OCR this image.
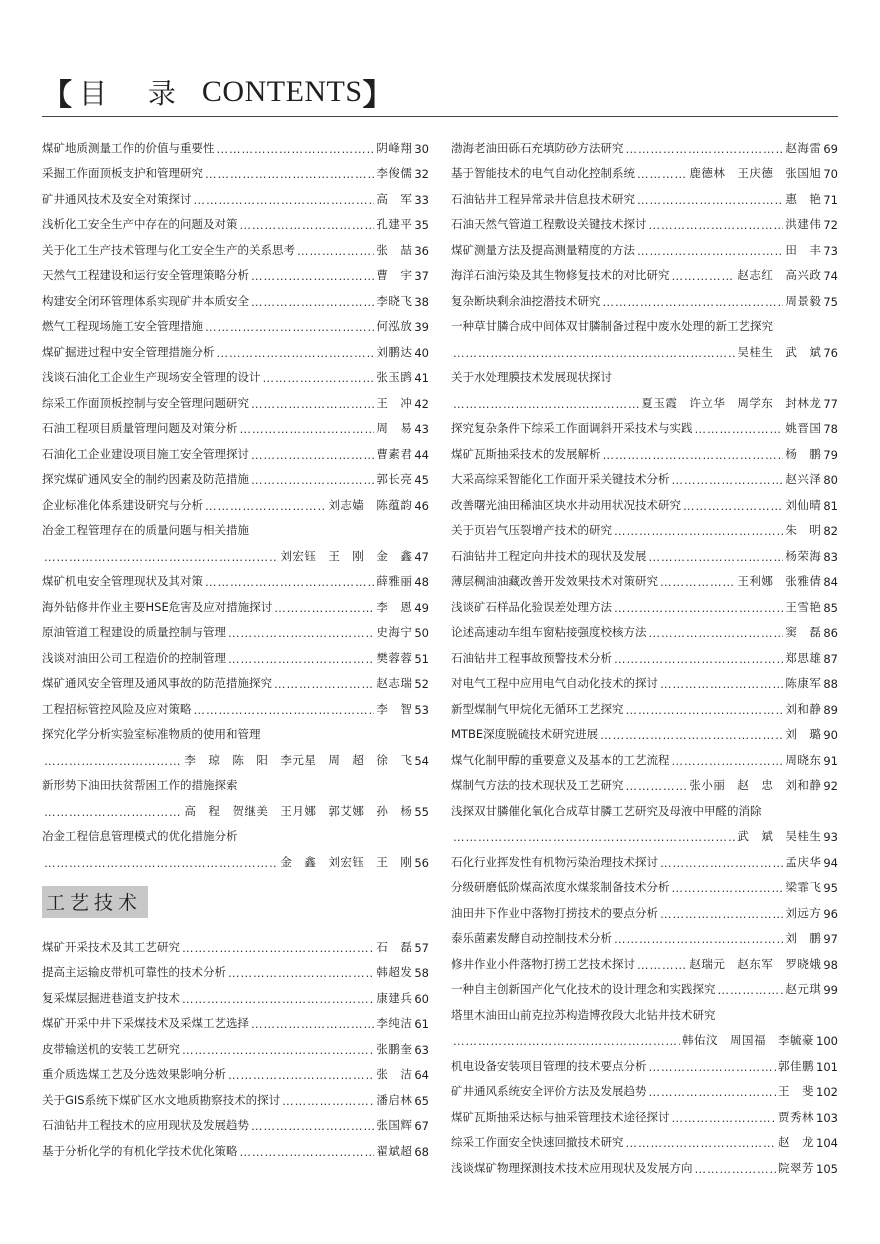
【 目 录 CONTENTS】
煤矿地质测量工作的价值与重要性 ………………………………………………………………………………………………………………………………………………………………………………………	阴峰翔 30
采掘工作面顶板支护和管理研究 ………………………………………………………………………………………………………………………………………………………………………………………	李俊儒 32
矿井通风技术及安全对策探讨 ………………………………………………………………………………………………………………………………………………………………………………………	高　军 33
浅析化工安全生产中存在的问题及对策 ………………………………………………………………………………………………………………………………………………………………………………………	孔建平 35
关于化工生产技术管理与化工安全生产的关系思考 ………………………………………………………………………………………………………………………………………………………………………………………	张　喆 36
天然气工程建设和运行安全管理策略分析 ………………………………………………………………………………………………………………………………………………………………………………………	曹　宇 37
构建安全闭环管理体系实现矿井本质安全 ………………………………………………………………………………………………………………………………………………………………………………………	李晓飞 38
燃气工程现场施工安全管理措施 ………………………………………………………………………………………………………………………………………………………………………………………	何泓放 39
煤矿掘进过程中安全管理措施分析 ………………………………………………………………………………………………………………………………………………………………………………………	刘鹏达 40
浅谈石油化工企业生产现场安全管理的设计 ………………………………………………………………………………………………………………………………………………………………………………………	张玉鹍 41
综采工作面顶板控制与安全管理问题研究 ………………………………………………………………………………………………………………………………………………………………………………………	王　冲 42
石油工程项目质量管理问题及对策分析 ………………………………………………………………………………………………………………………………………………………………………………………	周　易 43
石油化工企业建设项目施工安全管理探讨 ………………………………………………………………………………………………………………………………………………………………………………………	曹素君 44
探究煤矿通风安全的制约因素及防范措施 ………………………………………………………………………………………………………………………………………………………………………………………	郭长亮 45
企业标准化体系建设研究与分析 ………………………………………………………………………………………………………………………………………………………………………………………	刘志嫱　陈蕴韵 46
冶金工程管理存在的质量问题与相关措施
………………………………………………………………………………………………………………………………………………………………………………………
刘宏钰　王　刚　金　鑫 47
煤矿机电安全管理现状及其对策 ………………………………………………………………………………………………………………………………………………………………………………………	薛雅丽 48
海外钻修井作业主要HSE危害及应对措施探讨 ………………………………………………………………………………………………………………………………………………………………………………………	李　恩 49
原油管道工程建设的质量控制与管理 ………………………………………………………………………………………………………………………………………………………………………………………	史海宁 50
浅谈对油田公司工程造价的控制管理 ………………………………………………………………………………………………………………………………………………………………………………………	樊蓉蓉 51
煤矿通风安全管理及通风事故的防范措施探究 ………………………………………………………………………………………………………………………………………………………………………………………	赵志瑞 52
工程招标管控风险及应对策略 ………………………………………………………………………………………………………………………………………………………………………………………	李　智 53
探究化学分析实验室标准物质的使用和管理
………………………………………………………………………………………………………………………………………………………………………………………
李　琼　陈　阳　李元星　周　超　徐　飞 54
新形势下油田扶贫帮困工作的措施探索
………………………………………………………………………………………………………………………………………………………………………………………
高　程　贺继美　王月娜　郭艾娜　孙　杨 55
冶金工程信息管理模式的优化措施分析
………………………………………………………………………………………………………………………………………………………………………………………
金　鑫　刘宏钰　王　刚 56
工艺技术
煤矿开采技术及其工艺研究 ………………………………………………………………………………………………………………………………………………………………………………………	石　磊 57
提高主运输皮带机可靠性的技术分析 ………………………………………………………………………………………………………………………………………………………………………………………	韩超发 58
复采煤层掘进巷道支护技术 ………………………………………………………………………………………………………………………………………………………………………………………	康建兵 60
煤矿开采中井下采煤技术及采煤工艺选择 ………………………………………………………………………………………………………………………………………………………………………………………	李纯洁 61
皮带输送机的安装工艺研究 ………………………………………………………………………………………………………………………………………………………………………………………	张鹏奎 63
重介质选煤工艺及分选效果影响分析 ………………………………………………………………………………………………………………………………………………………………………………………	张　洁 64
关于GIS系统下煤矿区水文地质勘察技术的探讨 ………………………………………………………………………………………………………………………………………………………………………………………	潘启林 65
石油钻井工程技术的应用现状及发展趋势 ………………………………………………………………………………………………………………………………………………………………………………………	张国辉 67
基于分析化学的有机化学技术优化策略 ………………………………………………………………………………………………………………………………………………………………………………………	翟斌超 68
渤海老油田砾石充填防砂方法研究 ………………………………………………………………………………………………………………………………………………………………………………………	赵海雷 69
基于智能技术的电气自动化控制系统 ………………………………………………………………………………………………………………………………………………………………………………………	鹿德林　王庆德　张国旭 70
石油钻井工程异常录井信息技术研究 ………………………………………………………………………………………………………………………………………………………………………………………	惠　艳 71
石油天然气管道工程敷设关键技术探讨 ………………………………………………………………………………………………………………………………………………………………………………………	洪建伟 72
煤矿测量方法及提高测量精度的方法 ………………………………………………………………………………………………………………………………………………………………………………………	田　丰 73
海洋石油污染及其生物修复技术的对比研究 ………………………………………………………………………………………………………………………………………………………………………………………	赵志红　高兴政 74
复杂断块剩余油挖潜技术研究 ………………………………………………………………………………………………………………………………………………………………………………………	周景毅 75
一种草甘膦合成中间体双甘膦制备过程中废水处理的新工艺探究
………………………………………………………………………………………………………………………………………………………………………………………
吴桂生　武　斌 76
关于水处理膜技术发展现状探讨
………………………………………………………………………………………………………………………………………………………………………………………
夏玉霞　许立华　周学东　封林龙 77
探究复杂条件下综采工作面调斜开采技术与实践 ………………………………………………………………………………………………………………………………………………………………………………………	姚晋国 78
煤矿瓦斯抽采技术的发展解析 ………………………………………………………………………………………………………………………………………………………………………………………	杨　鹏 79
大采高综采智能化工作面开采关键技术分析 ………………………………………………………………………………………………………………………………………………………………………………………	赵兴泽 80
改善曙光油田稀油区块水井动用状况技术研究 ………………………………………………………………………………………………………………………………………………………………………………………	刘仙晴 81
关于页岩气压裂增产技术的研究 ………………………………………………………………………………………………………………………………………………………………………………………	朱　明 82
石油钻井工程定向井技术的现状及发展 ………………………………………………………………………………………………………………………………………………………………………………………	杨荣海 83
薄层稠油油藏改善开发效果技术对策研究 ………………………………………………………………………………………………………………………………………………………………………………………	王利娜　张雅倩 84
浅谈矿石样品化验误差处理方法 ………………………………………………………………………………………………………………………………………………………………………………………	王雪艳 85
论述高速动车组车窗粘接强度校核方法 ………………………………………………………………………………………………………………………………………………………………………………………	窦　磊 86
石油钻井工程事故预警技术分析 ………………………………………………………………………………………………………………………………………………………………………………………	郑思雄 87
对电气工程中应用电气自动化技术的探讨 ………………………………………………………………………………………………………………………………………………………………………………………	陈康军 88
新型煤制气甲烷化无循环工艺探究 ………………………………………………………………………………………………………………………………………………………………………………………	刘和静 89
MTBE深度脱硫技术研究进展 ………………………………………………………………………………………………………………………………………………………………………………………	刘　璐 90
煤气化制甲醇的重要意义及基本的工艺流程 ………………………………………………………………………………………………………………………………………………………………………………………	周晓东 91
煤制气方法的技术现状及工艺研究 ………………………………………………………………………………………………………………………………………………………………………………………	张小丽　赵　忠　刘和静 92
浅探双甘膦催化氧化合成草甘膦工艺研究及母液中甲醛的消除
………………………………………………………………………………………………………………………………………………………………………………………
武　斌　吴桂生 93
石化行业挥发性有机物污染治理技术探讨 ………………………………………………………………………………………………………………………………………………………………………………………	孟庆华 94
分级研磨低阶煤高浓度水煤浆制备技术分析 ………………………………………………………………………………………………………………………………………………………………………………………	梁霏飞 95
油田井下作业中落物打捞技术的要点分析 ………………………………………………………………………………………………………………………………………………………………………………………	刘远方 96
泰乐菌素发酵自动控制技术分析 ………………………………………………………………………………………………………………………………………………………………………………………	刘　鹏 97
修井作业小件落物打捞工艺技术探讨 ………………………………………………………………………………………………………………………………………………………………………………………	赵瑞元　赵东军　罗晓娥 98
一种自主创新国产化气化技术的设计理念和实践探究 ………………………………………………………………………………………………………………………………………………………………………………………	赵元琪 99
塔里木油田山前克拉苏构造博孜段大北钻井技术研究
………………………………………………………………………………………………………………………………………………………………………………………
韩佑汶　周国福　李毓豪 100
机电设备安装项目管理的技术要点分析 ………………………………………………………………………………………………………………………………………………………………………………………	郭佳鹏 101
矿井通风系统安全评价方法及发展趋势 ………………………………………………………………………………………………………………………………………………………………………………………	王　斐 102
煤矿瓦斯抽采达标与抽采管理技术途径探讨 ………………………………………………………………………………………………………………………………………………………………………………………	贾秀林 103
综采工作面安全快速回撤技术研究 ………………………………………………………………………………………………………………………………………………………………………………………	赵　龙 104
浅谈煤矿物理探测技术技术应用现状及发展方向 ………………………………………………………………………………………………………………………………………………………………………………………	院翠芳 105
